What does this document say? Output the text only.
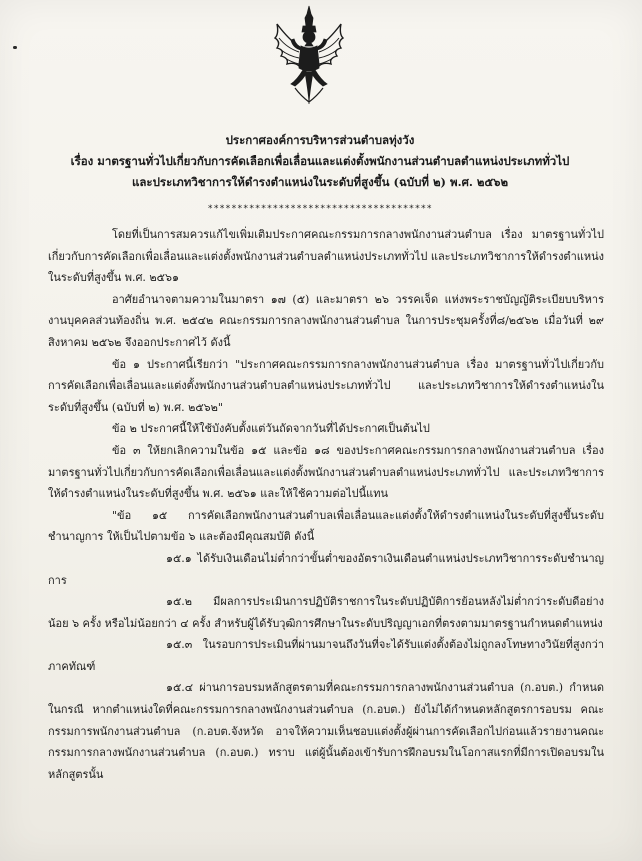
ประกาศองค์การบริหารส่วนตำบลทุ่งวัง
เรื่อง มาตรฐานทั่วไปเกี่ยวกับการคัดเลือกเพื่อเลื่อนและแต่งตั้งพนักงานส่วนตำบลตำแหน่งประเภททั่วไป
และประเภทวิชาการให้ดำรงตำแหน่งในระดับที่สูงขึ้น (ฉบับที่ ๒) พ.ศ. ๒๕๖๒
**************************************

โดยที่เป็นการสมควรแก้ไขเพิ่มเติมประกาศคณะกรรมการกลางพนักงานส่วนตำบล เรื่อง มาตรฐานทั่วไปเกี่ยวกับการคัดเลือกเพื่อเลื่อนและแต่งตั้งพนักงานส่วนตำบลตำแหน่งประเภททั่วไป และประเภทวิชาการให้ดำรงตำแหน่งในระดับที่สูงขึ้น พ.ศ. ๒๕๖๑

อาศัยอำนาจตามความในมาตรา ๑๗ (๕) และมาตรา ๒๖ วรรคเจ็ด แห่งพระราชบัญญัติระเบียบบริหารงานบุคคลส่วนท้องถิ่น พ.ศ. ๒๕๔๒ คณะกรรมการกลางพนักงานส่วนตำบล ในการประชุมครั้งที่๘/๒๕๖๒ เมื่อวันที่ ๒๙ สิงหาคม ๒๕๖๒ จึงออกประกาศไว้ ดังนี้

ข้อ ๑ ประกาศนี้เรียกว่า "ประกาศคณะกรรมการกลางพนักงานส่วนตำบล เรื่อง มาตรฐานทั่วไปเกี่ยวกับการคัดเลือกเพื่อเลื่อนและแต่งตั้งพนักงานส่วนตำบลตำแหน่งประเภททั่วไป และประเภทวิชาการให้ดำรงตำแหน่งในระดับที่สูงขึ้น (ฉบับที่ ๒) พ.ศ. ๒๕๖๒"

ข้อ ๒ ประกาศนี้ให้ใช้บังคับตั้งแต่วันถัดจากวันที่ได้ประกาศเป็นต้นไป

ข้อ ๓ ให้ยกเลิกความในข้อ ๑๕ และข้อ ๑๘ ของประกาศคณะกรรมการกลางพนักงานส่วนตำบล เรื่อง มาตรฐานทั่วไปเกี่ยวกับการคัดเลือกเพื่อเลื่อนและแต่งตั้งพนักงานส่วนตำบลตำแหน่งประเภททั่วไป และประเภทวิชาการให้ดำรงตำแหน่งในระดับที่สูงขึ้น พ.ศ. ๒๕๖๑ และให้ใช้ความต่อไปนี้แทน

"ข้อ ๑๕ การคัดเลือกพนักงานส่วนตำบลเพื่อเลื่อนและแต่งตั้งให้ดำรงตำแหน่งในระดับที่สูงขึ้นระดับชำนาญการ ให้เป็นไปตามข้อ ๖ และต้องมีคุณสมบัติ ดังนี้

๑๕.๑ ได้รับเงินเดือนไม่ต่ำกว่าขั้นต่ำของอัตราเงินเดือนตำแหน่งประเภทวิชาการระดับชำนาญการ

๑๕.๒ มีผลการประเมินการปฏิบัติราชการในระดับปฏิบัติการย้อนหลังไม่ต่ำกว่าระดับดีอย่างน้อย ๖ ครั้ง หรือไม่น้อยกว่า ๔ ครั้ง สำหรับผู้ได้รับวุฒิการศึกษาในระดับปริญญาเอกที่ตรงตามมาตรฐานกำหนดตำแหน่ง

๑๕.๓ ในรอบการประเมินที่ผ่านมาจนถึงวันที่จะได้รับแต่งตั้งต้องไม่ถูกลงโทษทางวินัยที่สูงกว่าภาคทัณฑ์

๑๕.๔ ผ่านการอบรมหลักสูตรตามที่คณะกรรมการกลางพนักงานส่วนตำบล (ก.อบต.) กำหนด ในกรณี หากตำแหน่งใดที่คณะกรรมการกลางพนักงานส่วนตำบล (ก.อบต.) ยังไม่ได้กำหนดหลักสูตรการอบรม คณะกรรมการพนักงานส่วนตำบล (ก.อบต.จังหวัด อาจให้ความเห็นชอบแต่งตั้งผู้ผ่านการคัดเลือกไปก่อนแล้วรายงานคณะกรรมการกลางพนักงานส่วนตำบล (ก.อบต.) ทราบ แต่ผู้นั้นต้องเข้ารับการฝึกอบรมในโอกาสแรกที่มีการเปิดอบรมในหลักสูตรนั้น
